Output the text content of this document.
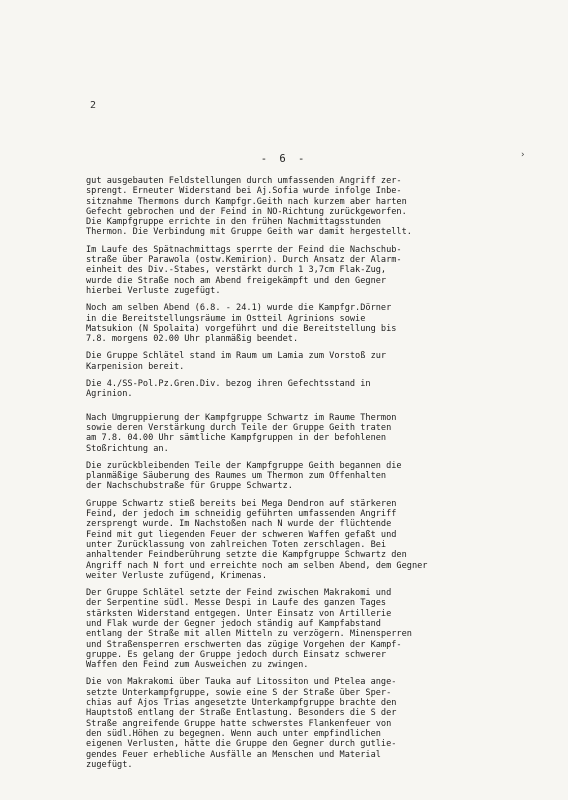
2
›
- 6 -
gut ausgebauten Feldstellungen durch umfassenden Angriff zer-
sprengt. Erneuter Widerstand bei Aj.Sofia wurde infolge Inbe-
sitznahme Thermons durch Kampfgr.Geith nach kurzem aber harten
Gefecht gebrochen und der Feind in NO-Richtung zurückgeworfen.
Die Kampfgruppe errichte in den frühen Nachmittagsstunden
Thermon. Die Verbindung mit Gruppe Geith war damit hergestellt.
Im Laufe des Spätnachmittags sperrte der Feind die Nachschub-
straße über Parawola (ostw.Kemirion). Durch Ansatz der Alarm-
einheit des Div.-Stabes, verstärkt durch 1 3,7cm Flak-Zug,
wurde die Straße noch am Abend freigekämpft und den Gegner
hierbei Verluste zugefügt.
Noch am selben Abend (6.8. - 24.1) wurde die Kampfgr.Dörner
in die Bereitstellungsräume im Ostteil Agrinions sowie
Matsukion (N Spolaita) vorgeführt und die Bereitstellung bis
7.8. morgens 02.00 Uhr planmäßig beendet.
Die Gruppe Schlätel stand im Raum um Lamia zum Vorstoß zur
Karpenision bereit.
Die 4./SS-Pol.Pz.Gren.Div. bezog ihren Gefechtsstand in
Agrinion.
Nach Umgruppierung der Kampfgruppe Schwartz im Raume Thermon
sowie deren Verstärkung durch Teile der Gruppe Geith traten
am 7.8. 04.00 Uhr sämtliche Kampfgruppen in der befohlenen
Stoßrichtung an.
Die zurückbleibenden Teile der Kampfgruppe Geith begannen die
planmäßige Säuberung des Raumes um Thermon zum Offenhalten
der Nachschubstraße für Gruppe Schwartz.
Gruppe Schwartz stieß bereits bei Mega Dendron auf stärkeren
Feind, der jedoch im schneidig geführten umfassenden Angriff
zersprengt wurde. Im Nachstoßen nach N wurde der flüchtende
Feind mit gut liegenden Feuer der schweren Waffen gefaßt und
unter Zurücklassung von zahlreichen Toten zerschlagen. Bei
anhaltender Feindberührung setzte die Kampfgruppe Schwartz den
Angriff nach N fort und erreichte noch am selben Abend, dem Gegner
weiter Verluste zufügend, Krimenas.
Der Gruppe Schlätel setzte der Feind zwischen Makrakomi und
der Serpentine südl. Messe Despi in Laufe des ganzen Tages
stärksten Widerstand entgegen. Unter Einsatz von Artillerie
und Flak wurde der Gegner jedoch ständig auf Kampfabstand
entlang der Straße mit allen Mitteln zu verzögern. Minensperren
und Straßensperren erschwerten das zügige Vorgehen der Kampf-
gruppe. Es gelang der Gruppe jedoch durch Einsatz schwerer
Waffen den Feind zum Ausweichen zu zwingen.
Die von Makrakomi über Tauka auf Litossiton und Ptelea ange-
setzte Unterkampfgruppe, sowie eine S der Straße über Sper-
chias auf Ajos Trias angesetzte Unterkampfgruppe brachte den
Hauptstoß entlang der Straße Entlastung. Besonders die S der
Straße angreifende Gruppe hatte schwerstes Flankenfeuer von
den südl.Höhen zu begegnen. Wenn auch unter empfindlichen
eigenen Verlusten, hätte die Gruppe den Gegner durch gutlie-
gendes Feuer erhebliche Ausfälle an Menschen und Material
zugefügt.
